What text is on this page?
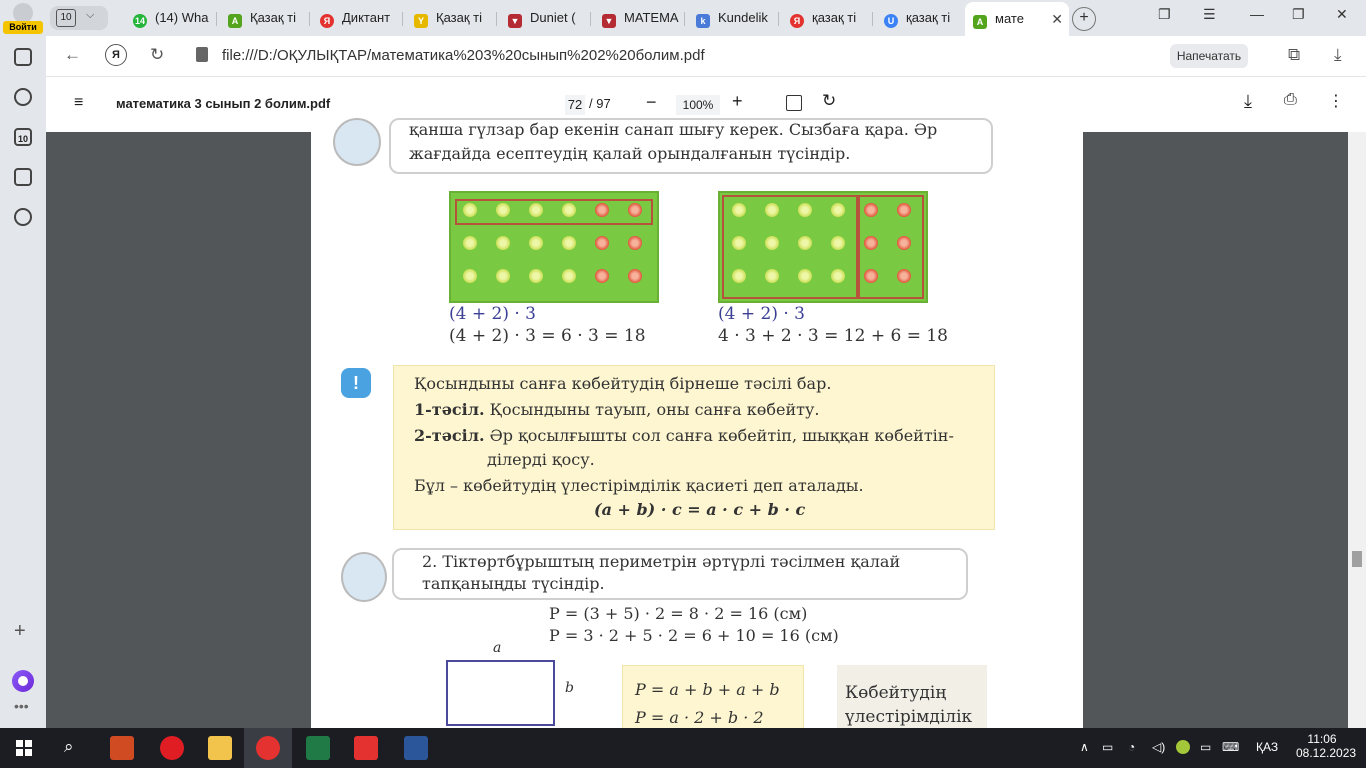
Войти
10	⌵	14 (14) Wha	A Қазақ ті	Я Диктант	Y Қазақ ті	▼ Duniet (	▼ МАТЕМА	k Kundelik	Я қазақ ті	U қазақ ті	A мате ✕	+	❐ ☰ — ❐ ✕
←	Я	↻	file:///D:/ОҚУЛЫҚТАР/математика%203%20сынып%202%20болим.pdf	Напечатать	⧉ ⤓
10
+
•••
≡	математика 3 сынып 2 болим.pdf	72 / 97 −	100%	+	↻	⤓ ⎙ ⋮
қанша гүлзар бар екенін санап шығу керек. Сызбаға қара. Әр
жағдайда есептеудің қалай орындалғанын түсіндір.
(4 + 2) · 3
(4 + 2) · 3 = 6 · 3 = 18
(4 + 2) · 3
4 · 3 + 2 · 3 = 12 + 6 = 18
!	Қосындыны санға көбейтудің бірнеше тәсілі бар.
1-тәсіл. Қосындыны тауып, оны санға көбейту.
2-тәсіл. Әр қосылғышты сол санға көбейтіп, шыққан көбейтін-
ділерді қосу.
Бұл – көбейтудің үлестірімділік қасиеті деп аталады.
(a + b) · c = a · c + b · c
2. Тіктөртбұрыштың периметрін әртүрлі тәсілмен қалай
тапқаныңды түсіндір.
P = (3 + 5) · 2 = 8 · 2 = 16 (см)
P = 3 · 2 + 5 · 2 = 6 + 10 = 16 (см)
a
b	P = a + b + a + b
P = a · 2 + b · 2
Көбейтудің
үлестірімділік
⌕	∧ ▭ ◔ ◁)	▭ ⌨ ҚАЗ
11:06
08.12.2023
